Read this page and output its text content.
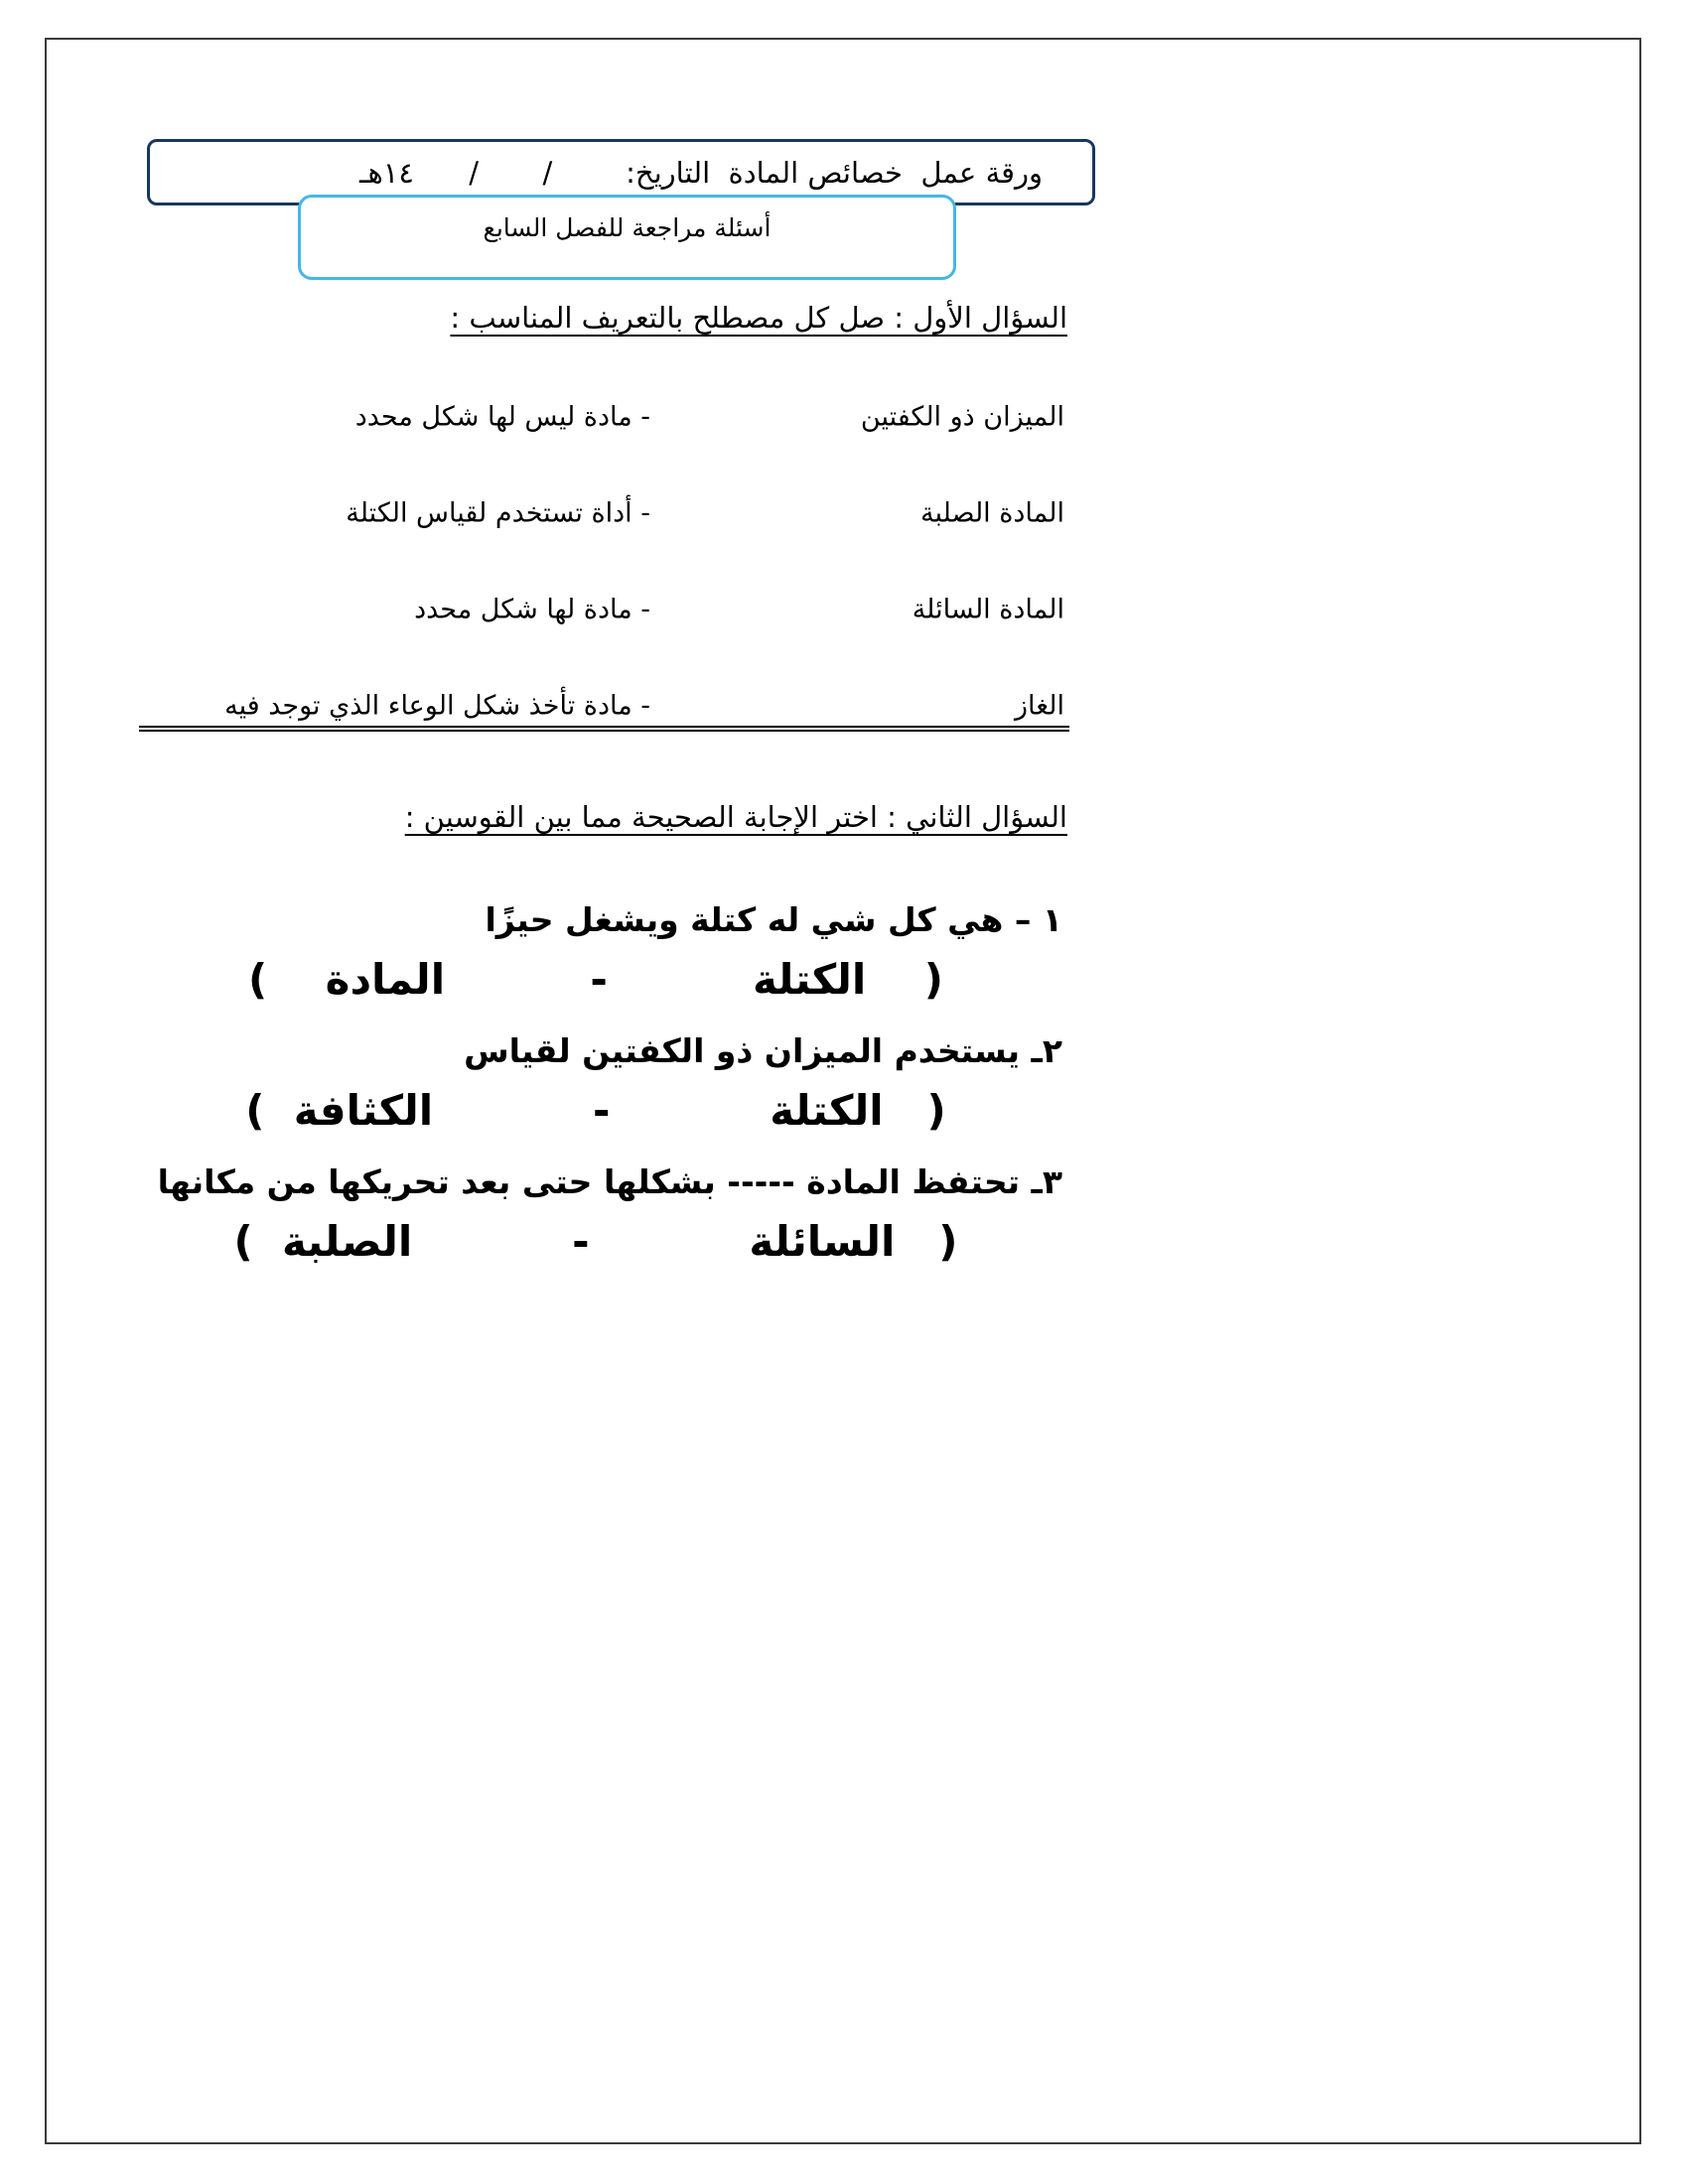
ورقة عمل  خصائص المادة  التاريخ:        /       /      ١٤هـ
أسئلة مراجعة للفصل السابع
السؤال الأول : صل كل مصطلح بالتعريف المناسب :
الميزان ذو الكفتين
- مادة ليس لها شكل محدد
المادة الصلبة
- أداة تستخدم لقياس الكتلة
المادة السائلة
- مادة لها شكل محدد
الغاز
- مادة تأخذ شكل الوعاء الذي توجد فيه
السؤال الثاني : اختر الإجابة الصحيحة مما بين القوسين :
١ – هي كل شي له كتلة ويشغل حيزًا
(    الكتلة          -          المادة    )
٢ـ يستخدم الميزان ذو الكفتين لقياس
(   الكتلة           -           الكثافة  )
٣ـ تحتفظ المادة ----- بشكلها حتى بعد تحريكها من مكانها
(   السائلة           -           الصلبة  )
